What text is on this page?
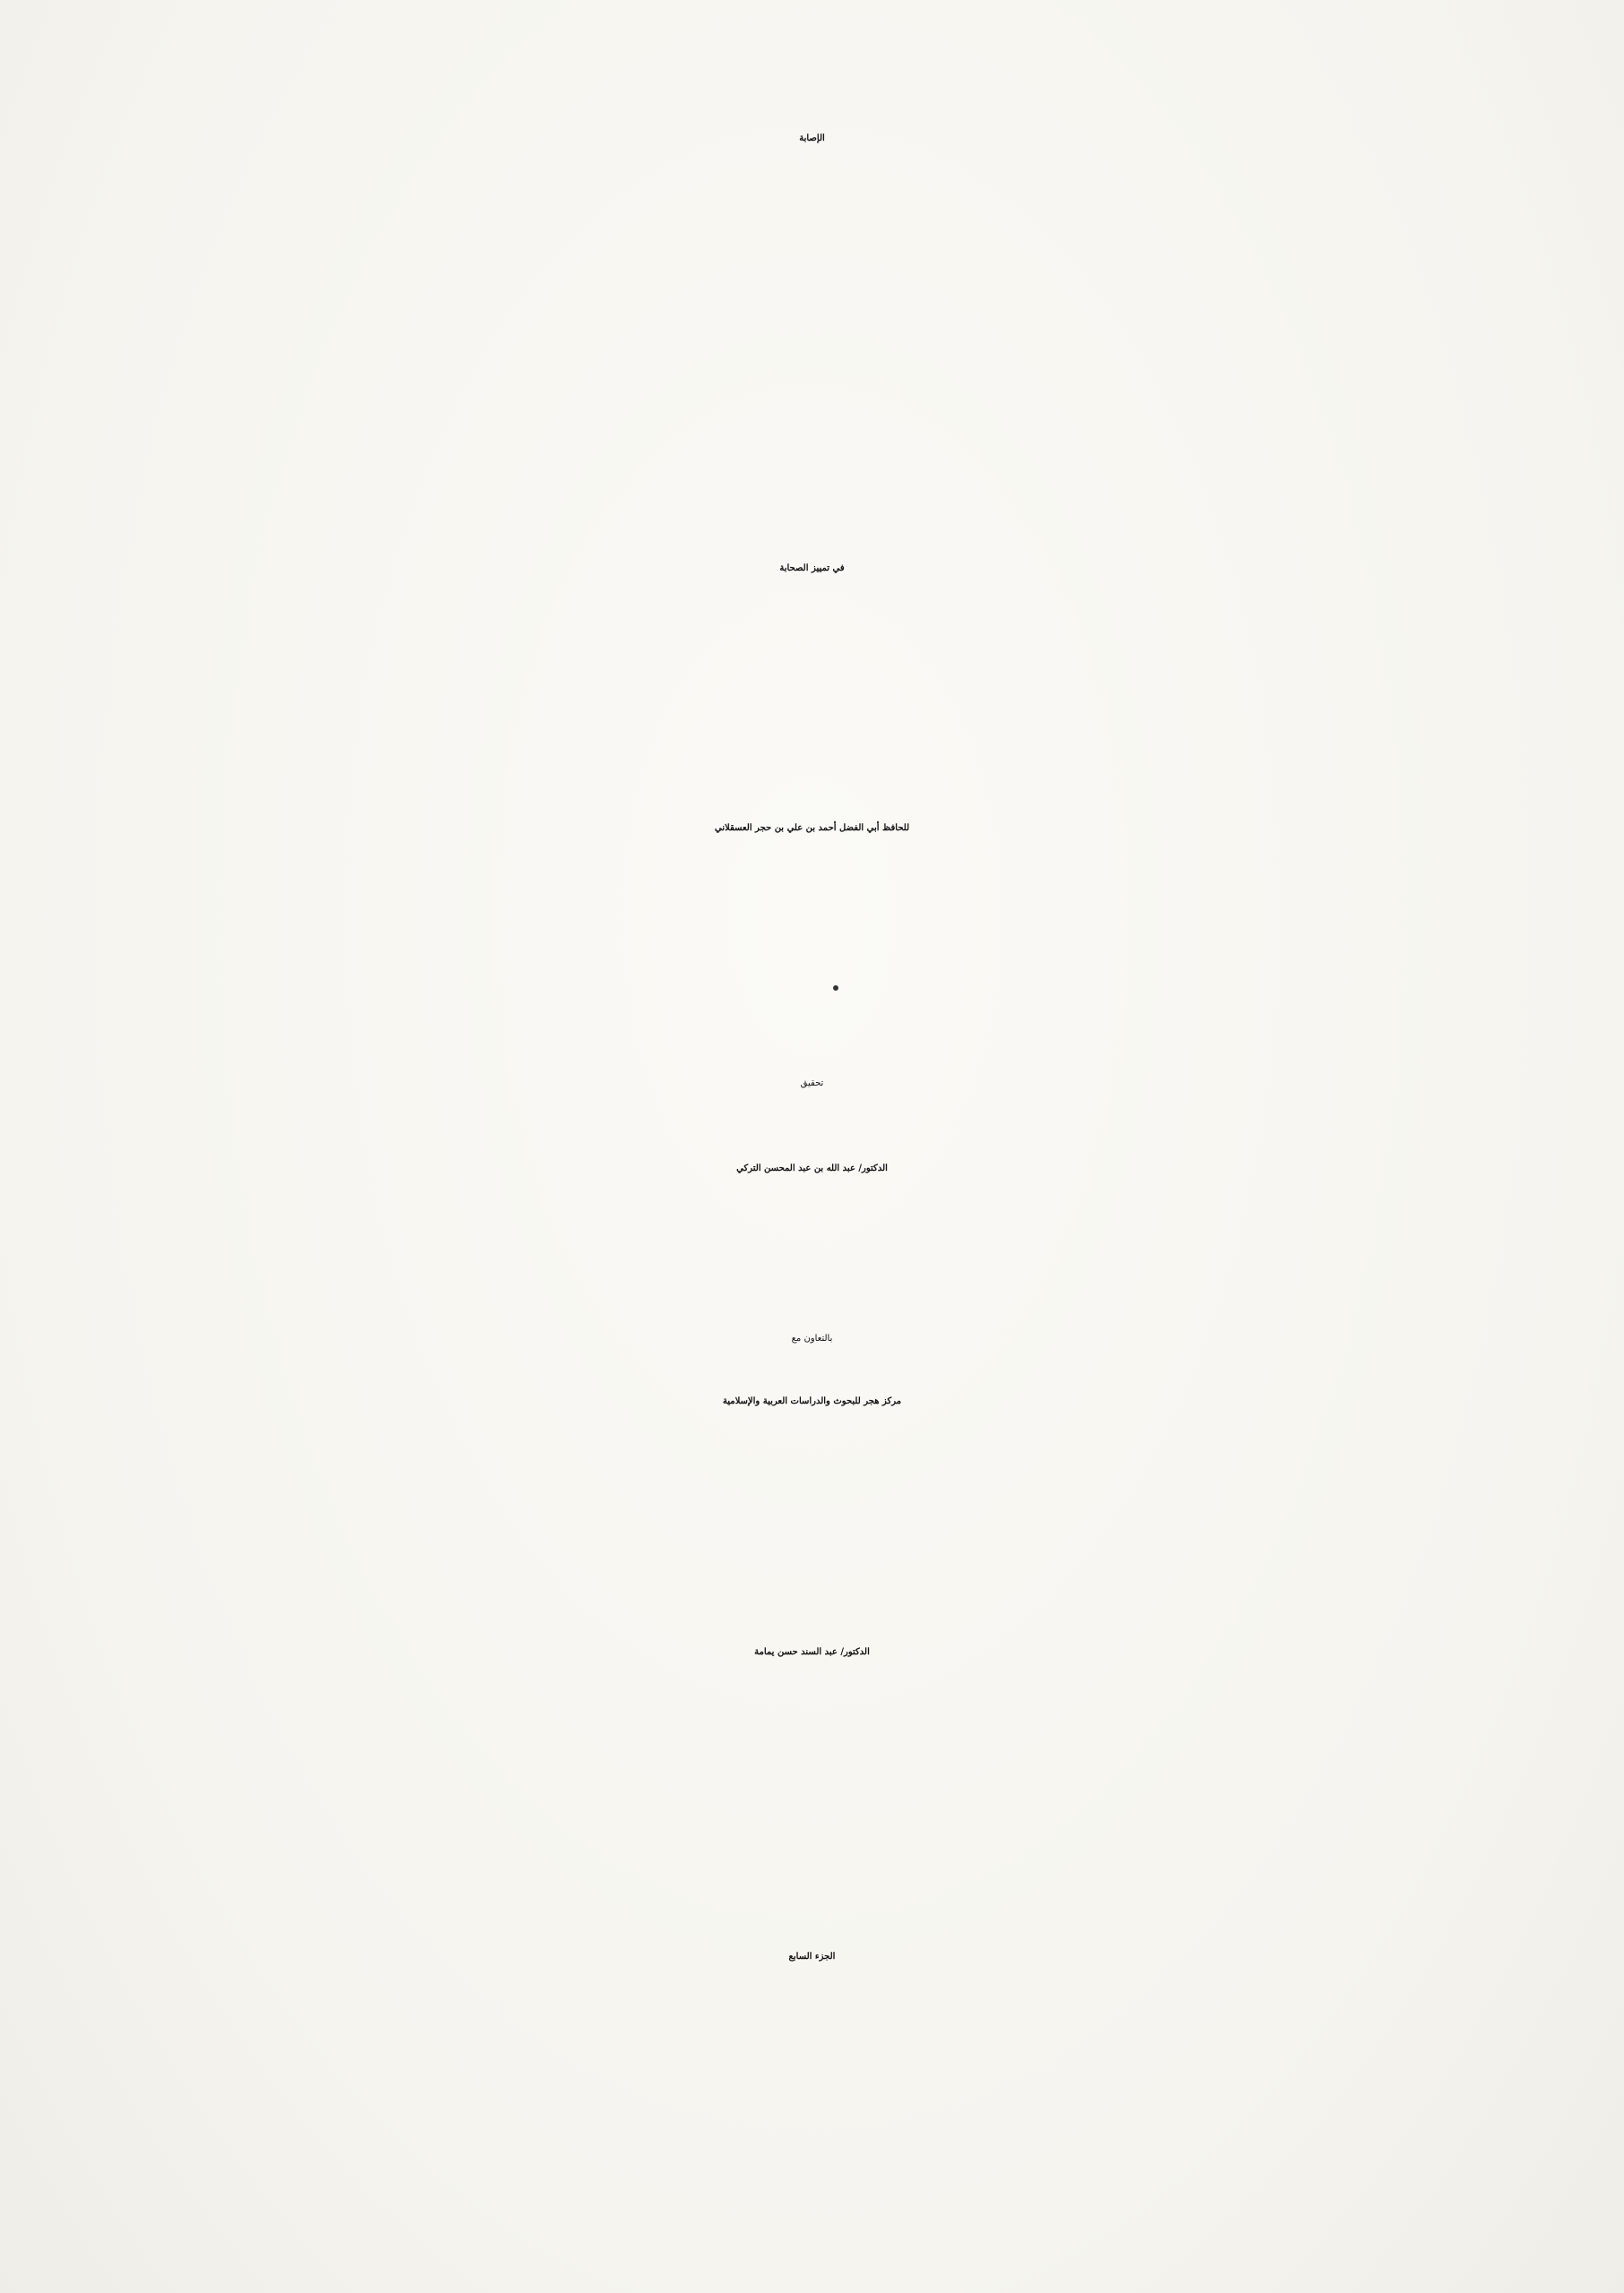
الإصابة
في تمييز الصحابة
للحافظ أبي الفضل أحمد بن علي بن حجر العسقلاني
تحقيق
الدكتور/ عبد الله بن عبد المحسن التركي
بالتعاون مع
مركز هجر للبحوث والدراسات العربية والإسلامية
الدكتور/ عبد السند حسن يمامة
الجزء السابع
